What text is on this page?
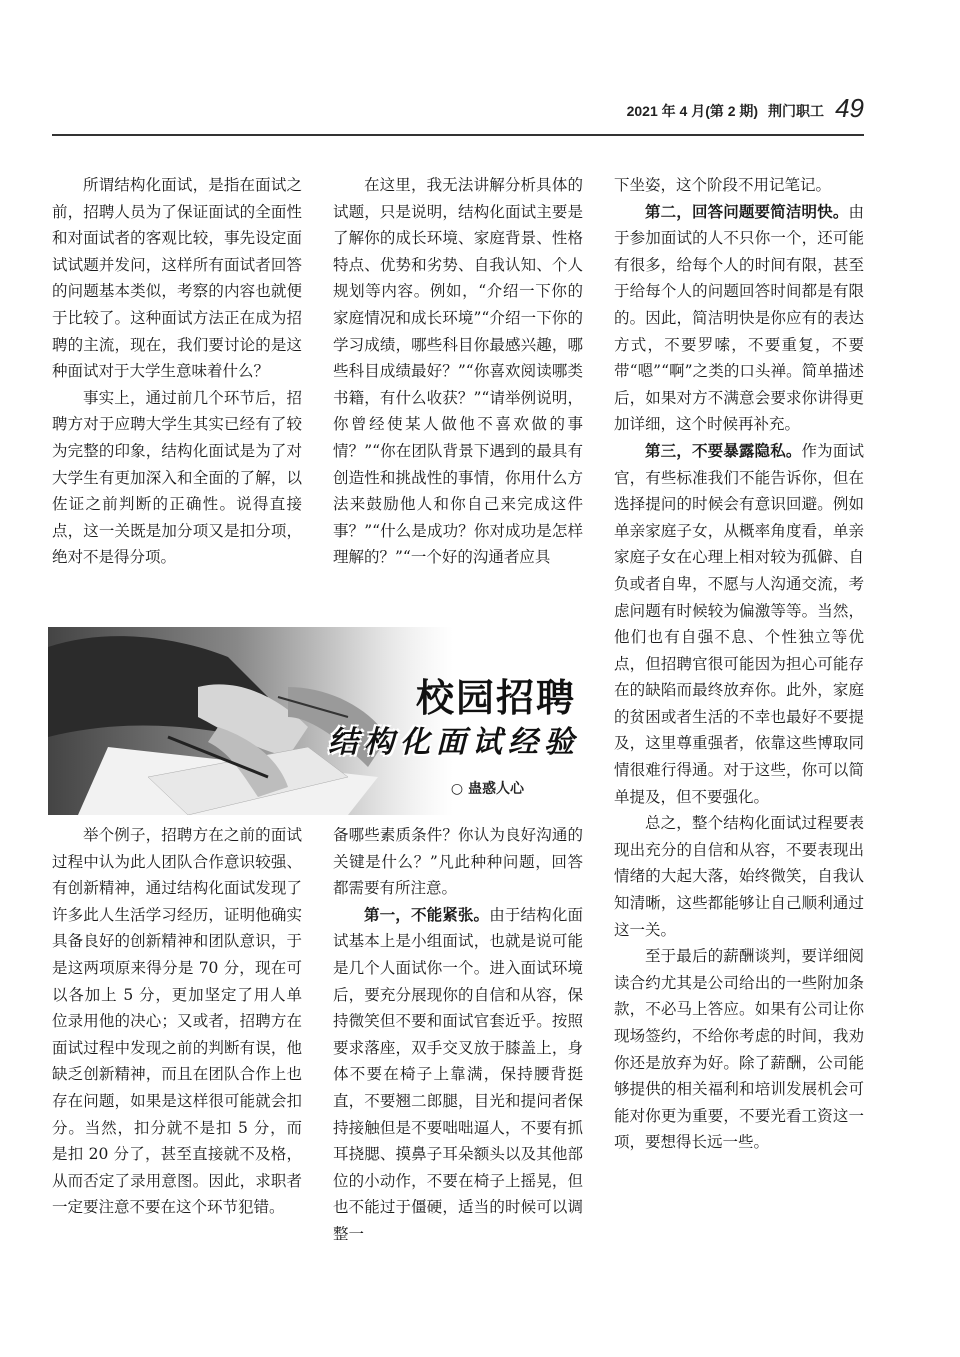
49
2021 年 4 月(第 2 期) 荆门职工

所谓结构化面试，是指在面试之前，招聘人员为了保证面试的全面性和对面试者的客观比较，事先设定面试试题并发问，这样所有面试者回答的问题基本类似，考察的内容也就便于比较了。这种面试方法正在成为招聘的主流，现在，我们要讨论的是这种面试对于大学生意味着什么？

事实上，通过前几个环节后，招聘方对于应聘大学生其实已经有了较为完整的印象，结构化面试是为了对大学生有更加深入和全面的了解，以佐证之前判断的正确性。说得直接点，这一关既是加分项又是扣分项，绝对不是得分项。

在这里，我无法讲解分析具体的试题，只是说明，结构化面试主要是了解你的成长环境、家庭背景、性格特点、优势和劣势、自我认知、个人规划等内容。例如，“介绍一下你的家庭情况和成长环境”“介绍一下你的学习成绩，哪些科目你最感兴趣，哪些科目成绩最好？”“你喜欢阅读哪类书籍，有什么收获？”“请举例说明，你曾经使某人做他不喜欢做的事情？”“你在团队背景下遇到的最具有创造性和挑战性的事情，你用什么方法来鼓励他人和你自己来完成这件事？”“什么是成功？你对成功是怎样理解的？”“一个好的沟通者应具

校园招聘
结构化面试经验
○ 蛊惑人心

举个例子，招聘方在之前的面试过程中认为此人团队合作意识较强、有创新精神，通过结构化面试发现了许多此人生活学习经历，证明他确实具备良好的创新精神和团队意识，于是这两项原来得分是 70 分，现在可以各加上 5 分，更加坚定了用人单位录用他的决心；又或者，招聘方在面试过程中发现之前的判断有误，他缺乏创新精神，而且在团队合作上也存在问题，如果是这样很可能就会扣分。当然，扣分就不是扣 5 分，而是扣 20 分了，甚至直接就不及格，从而否定了录用意图。因此，求职者一定要注意不要在这个环节犯错。

备哪些素质条件？你认为良好沟通的关键是什么？”凡此种种问题，回答都需要有所注意。

第一，不能紧张。由于结构化面试基本上是小组面试，也就是说可能是几个人面试你一个。进入面试环境后，要充分展现你的自信和从容，保持微笑但不要和面试官套近乎。按照要求落座，双手交叉放于膝盖上，身体不要在椅子上靠满，保持腰背挺直，不要翘二郎腿，目光和提问者保持接触但是不要咄咄逼人，不要有抓耳挠腮、摸鼻子耳朵额头以及其他部位的小动作，不要在椅子上摇晃，但也不能过于僵硬，适当的时候可以调整一

下坐姿，这个阶段不用记笔记。

第二，回答问题要简洁明快。由于参加面试的人不只你一个，还可能有很多，给每个人的时间有限，甚至于给每个人的问题回答时间都是有限的。因此，简洁明快是你应有的表达方式，不要罗嗦，不要重复，不要带“嗯”“啊”之类的口头禅。简单描述后，如果对方不满意会要求你讲得更加详细，这个时候再补充。

第三，不要暴露隐私。作为面试官，有些标准我们不能告诉你，但在选择提问的时候会有意识回避。例如单亲家庭子女，从概率角度看，单亲家庭子女在心理上相对较为孤僻、自负或者自卑，不愿与人沟通交流，考虑问题有时候较为偏激等等。当然，他们也有自强不息、个性独立等优点，但招聘官很可能因为担心可能存在的缺陷而最终放弃你。此外，家庭的贫困或者生活的不幸也最好不要提及，这里尊重强者，依靠这些博取同情很难行得通。对于这些，你可以简单提及，但不要强化。

总之，整个结构化面试过程要表现出充分的自信和从容，不要表现出情绪的大起大落，始终微笑，自我认知清晰，这些都能够让自己顺利通过这一关。

至于最后的薪酬谈判，要详细阅读合约尤其是公司给出的一些附加条款，不必马上答应。如果有公司让你现场签约，不给你考虑的时间，我劝你还是放弃为好。除了薪酬，公司能够提供的相关福利和培训发展机会可能对你更为重要，不要光看工资这一项，要想得长远一些。
